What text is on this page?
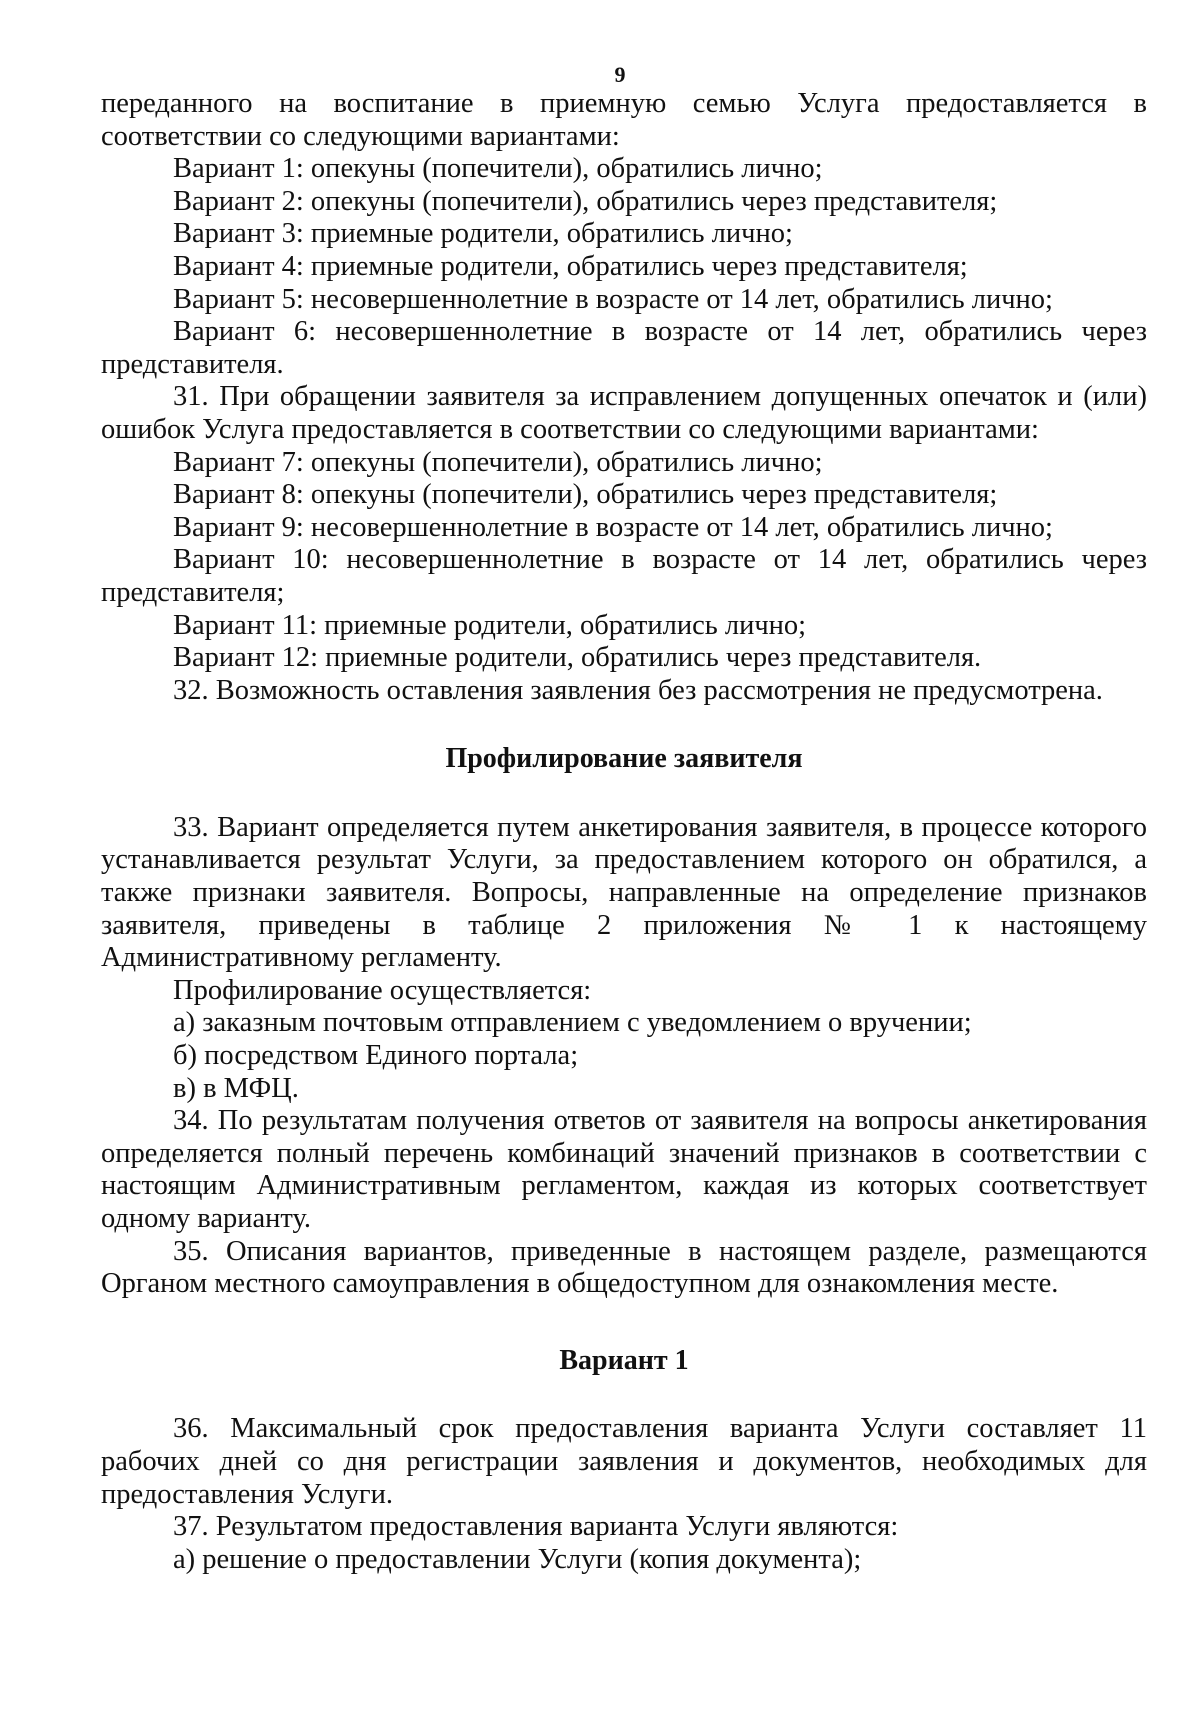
9

переданного на воспитание в приемную семью Услуга предоставляется в соответствии со следующими вариантами:

Вариант 1: опекуны (попечители), обратились лично;

Вариант 2: опекуны (попечители), обратились через представителя;

Вариант 3: приемные родители, обратились лично;

Вариант 4: приемные родители, обратились через представителя;

Вариант 5: несовершеннолетние в возрасте от 14 лет, обратились лично;

Вариант 6: несовершеннолетние в возрасте от 14 лет, обратились через представителя.

31. При обращении заявителя за исправлением допущенных опечаток и (или) ошибок Услуга предоставляется в соответствии со следующими вариантами:

Вариант 7: опекуны (попечители), обратились лично;

Вариант 8: опекуны (попечители), обратились через представителя;

Вариант 9: несовершеннолетние в возрасте от 14 лет, обратились лично;

Вариант 10: несовершеннолетние в возрасте от 14 лет, обратились через представителя;

Вариант 11: приемные родители, обратились лично;

Вариант 12: приемные родители, обратились через представителя.

32. Возможность оставления заявления без рассмотрения не предусмотрена.

Профилирование заявителя

33. Вариант определяется путем анкетирования заявителя, в процессе которого устанавливается результат Услуги, за предоставлением которого он обратился, а также признаки заявителя. Вопросы, направленные на определение признаков заявителя, приведены в таблице 2 приложения № 1 к настоящему Административному регламенту.

Профилирование осуществляется:

а) заказным почтовым отправлением с уведомлением о вручении;

б) посредством Единого портала;

в) в МФЦ.

34. По результатам получения ответов от заявителя на вопросы анкетирования определяется полный перечень комбинаций значений признаков в соответствии с настоящим Административным регламентом, каждая из которых соответствует одному варианту.

35. Описания вариантов, приведенные в настоящем разделе, размещаются Органом местного самоуправления в общедоступном для ознакомления месте.

Вариант 1

36. Максимальный срок предоставления варианта Услуги составляет 11 рабочих дней со дня регистрации заявления и документов, необходимых для предоставления Услуги.

37. Результатом предоставления варианта Услуги являются:

а) решение о предоставлении Услуги (копия документа);
